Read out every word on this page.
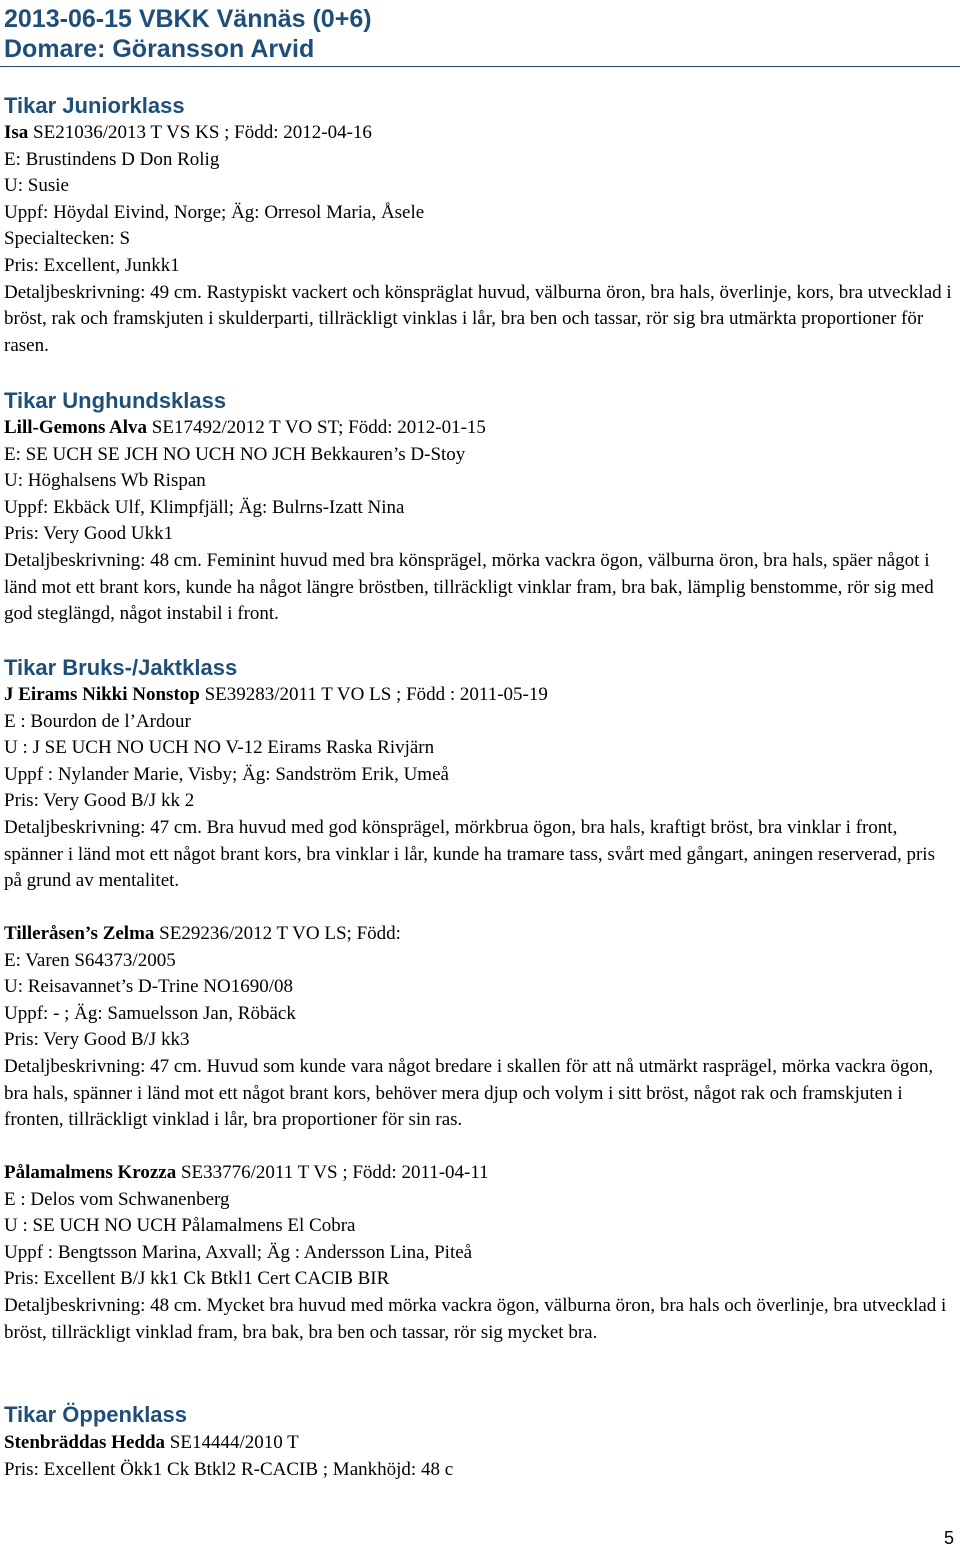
2013-06-15 VBKK Vännäs (0+6)
Domare: Göransson Arvid
Tikar Juniorklass
Isa SE21036/2013 T VS KS ; Född: 2012-04-16
E: Brustindens D Don Rolig
U: Susie
Uppf: Höydal Eivind, Norge; Äg: Orresol Maria, Åsele
Specialtecken: S
Pris: Excellent, Junkk1
Detaljbeskrivning: 49 cm. Rastypiskt vackert och könspräglat huvud, välburna öron, bra hals, överlinje, kors, bra utvecklad i bröst, rak och framskjuten i skulderparti, tillräckligt vinklas i lår, bra ben och tassar, rör sig bra utmärkta proportioner för rasen.
Tikar Unghundsklass
Lill-Gemons Alva SE17492/2012 T VO ST; Född: 2012-01-15
E: SE UCH SE JCH NO UCH NO JCH Bekkauren’s D-Stoy
U: Höghalsens Wb Rispan
Uppf: Ekbäck Ulf, Klimpfjäll; Äg: Bulrns-Izatt Nina
Pris: Very Good Ukk1
Detaljbeskrivning: 48 cm. Feminint huvud med bra könsprägel, mörka vackra ögon, välburna öron, bra hals, späer något i länd mot ett brant kors, kunde ha något längre bröstben, tillräckligt vinklar fram, bra bak, lämplig benstomme, rör sig med god steglängd, något instabil i front.
Tikar Bruks-/Jaktklass
J Eirams Nikki Nonstop SE39283/2011 T VO LS ; Född : 2011-05-19
E : Bourdon de l’Ardour
U : J SE UCH NO UCH NO V-12 Eirams Raska Rivjärn
Uppf : Nylander Marie, Visby; Äg: Sandström Erik, Umeå
Pris: Very Good B/J kk 2
Detaljbeskrivning: 47 cm. Bra huvud med god könsprägel, mörkbrua ögon, bra hals, kraftigt bröst, bra vinklar i front, spänner i länd mot ett något brant kors, bra vinklar i lår, kunde ha tramare tass, svårt med gångart, aningen reserverad, pris på grund av mentalitet.
Tilleråsen’s Zelma SE29236/2012 T VO LS; Född:
E: Varen S64373/2005
U: Reisavannet’s D-Trine NO1690/08
Uppf: - ; Äg: Samuelsson Jan, Röbäck
Pris: Very Good B/J kk3
Detaljbeskrivning: 47 cm. Huvud som kunde vara något bredare i skallen för att nå utmärkt rasprägel, mörka vackra ögon, bra hals, spänner i länd mot ett något brant kors, behöver mera djup och volym i sitt bröst, något rak och framskjuten i fronten, tillräckligt vinklad i lår, bra proportioner för sin ras.
Pålamalmens Krozza SE33776/2011 T VS ; Född: 2011-04-11
E : Delos vom Schwanenberg
U : SE UCH NO UCH Pålamalmens El Cobra
Uppf : Bengtsson Marina, Axvall; Äg : Andersson Lina, Piteå
Pris: Excellent B/J kk1 Ck Btkl1 Cert CACIB BIR
Detaljbeskrivning: 48 cm. Mycket bra huvud med mörka vackra ögon, välburna öron, bra hals och överlinje, bra utvecklad i bröst, tillräckligt vinklad fram, bra bak, bra ben och tassar, rör sig mycket bra.
Tikar Öppenklass
Stenbräddas Hedda SE14444/2010 T
Pris: Excellent Ökk1 Ck Btkl2 R-CACIB ; Mankhöjd: 48 c
5
